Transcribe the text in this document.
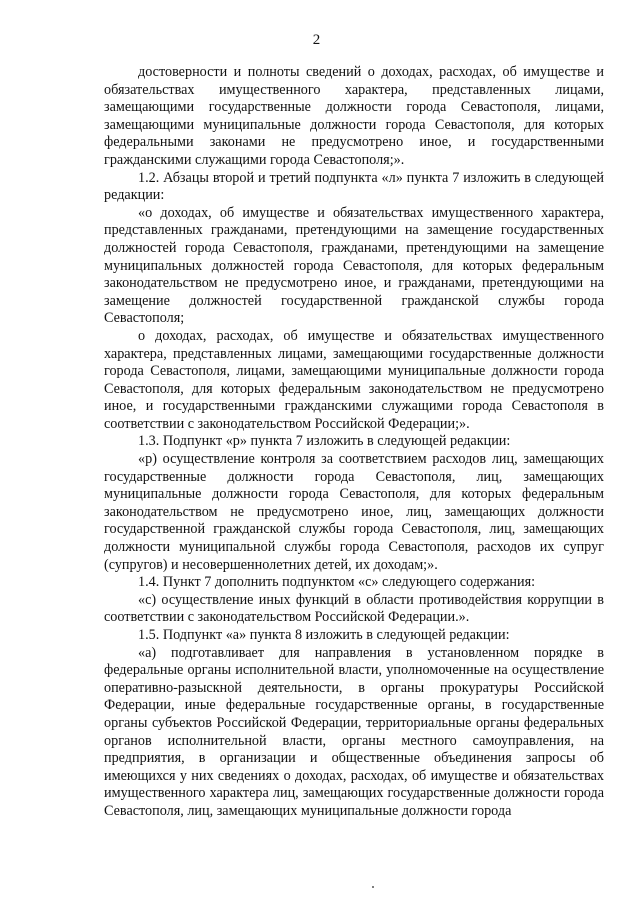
2

достоверности и полноты сведений о доходах, расходах, об имуществе и обязательствах имущественного характера, представленных лицами, замещающими государственные должности города Севастополя, лицами, замещающими муниципальные должности города Севастополя, для которых федеральными законами не предусмотрено иное, и государственными гражданскими служащими города Севастополя;».

1.2. Абзацы второй и третий подпункта «л» пункта 7 изложить в следующей редакции:

«о доходах, об имуществе и обязательствах имущественного характера, представленных гражданами, претендующими на замещение государственных должностей города Севастополя, гражданами, претендующими на замещение муниципальных должностей города Севастополя, для которых федеральным законодательством не предусмотрено иное, и гражданами, претендующими на замещение должностей государственной гражданской службы города Севастополя;

о доходах, расходах, об имуществе и обязательствах имущественного характера, представленных лицами, замещающими государственные должности города Севастополя, лицами, замещающими муниципальные должности города Севастополя, для которых федеральным законодательством не предусмотрено иное, и государственными гражданскими служащими города Севастополя в соответствии с законодательством Российской Федерации;».

1.3. Подпункт «р» пункта 7 изложить в следующей редакции:

«р) осуществление контроля за соответствием расходов лиц, замещающих государственные должности города Севастополя, лиц, замещающих муниципальные должности города Севастополя, для которых федеральным законодательством не предусмотрено иное, лиц, замещающих должности государственной гражданской службы города Севастополя, лиц, замещающих должности муниципальной службы города Севастополя, расходов их супруг (супругов) и несовершеннолетних детей, их доходам;».

1.4. Пункт 7 дополнить подпунктом «с» следующего содержания:

«с) осуществление иных функций в области противодействия коррупции в соответствии с законодательством Российской Федерации.».

1.5. Подпункт «а» пункта 8 изложить в следующей редакции:

«а) подготавливает для направления в установленном порядке в федеральные органы исполнительной власти, уполномоченные на осуществление оперативно-разыскной деятельности, в органы прокуратуры Российской Федерации, иные федеральные государственные органы, в государственные органы субъектов Российской Федерации, территориальные органы федеральных органов исполнительной власти, органы местного самоуправления, на предприятия, в организации и общественные объединения запросы об имеющихся у них сведениях о доходах, расходах, об имуществе и обязательствах имущественного характера лиц, замещающих государственные должности города Севастополя, лиц, замещающих муниципальные должности города
